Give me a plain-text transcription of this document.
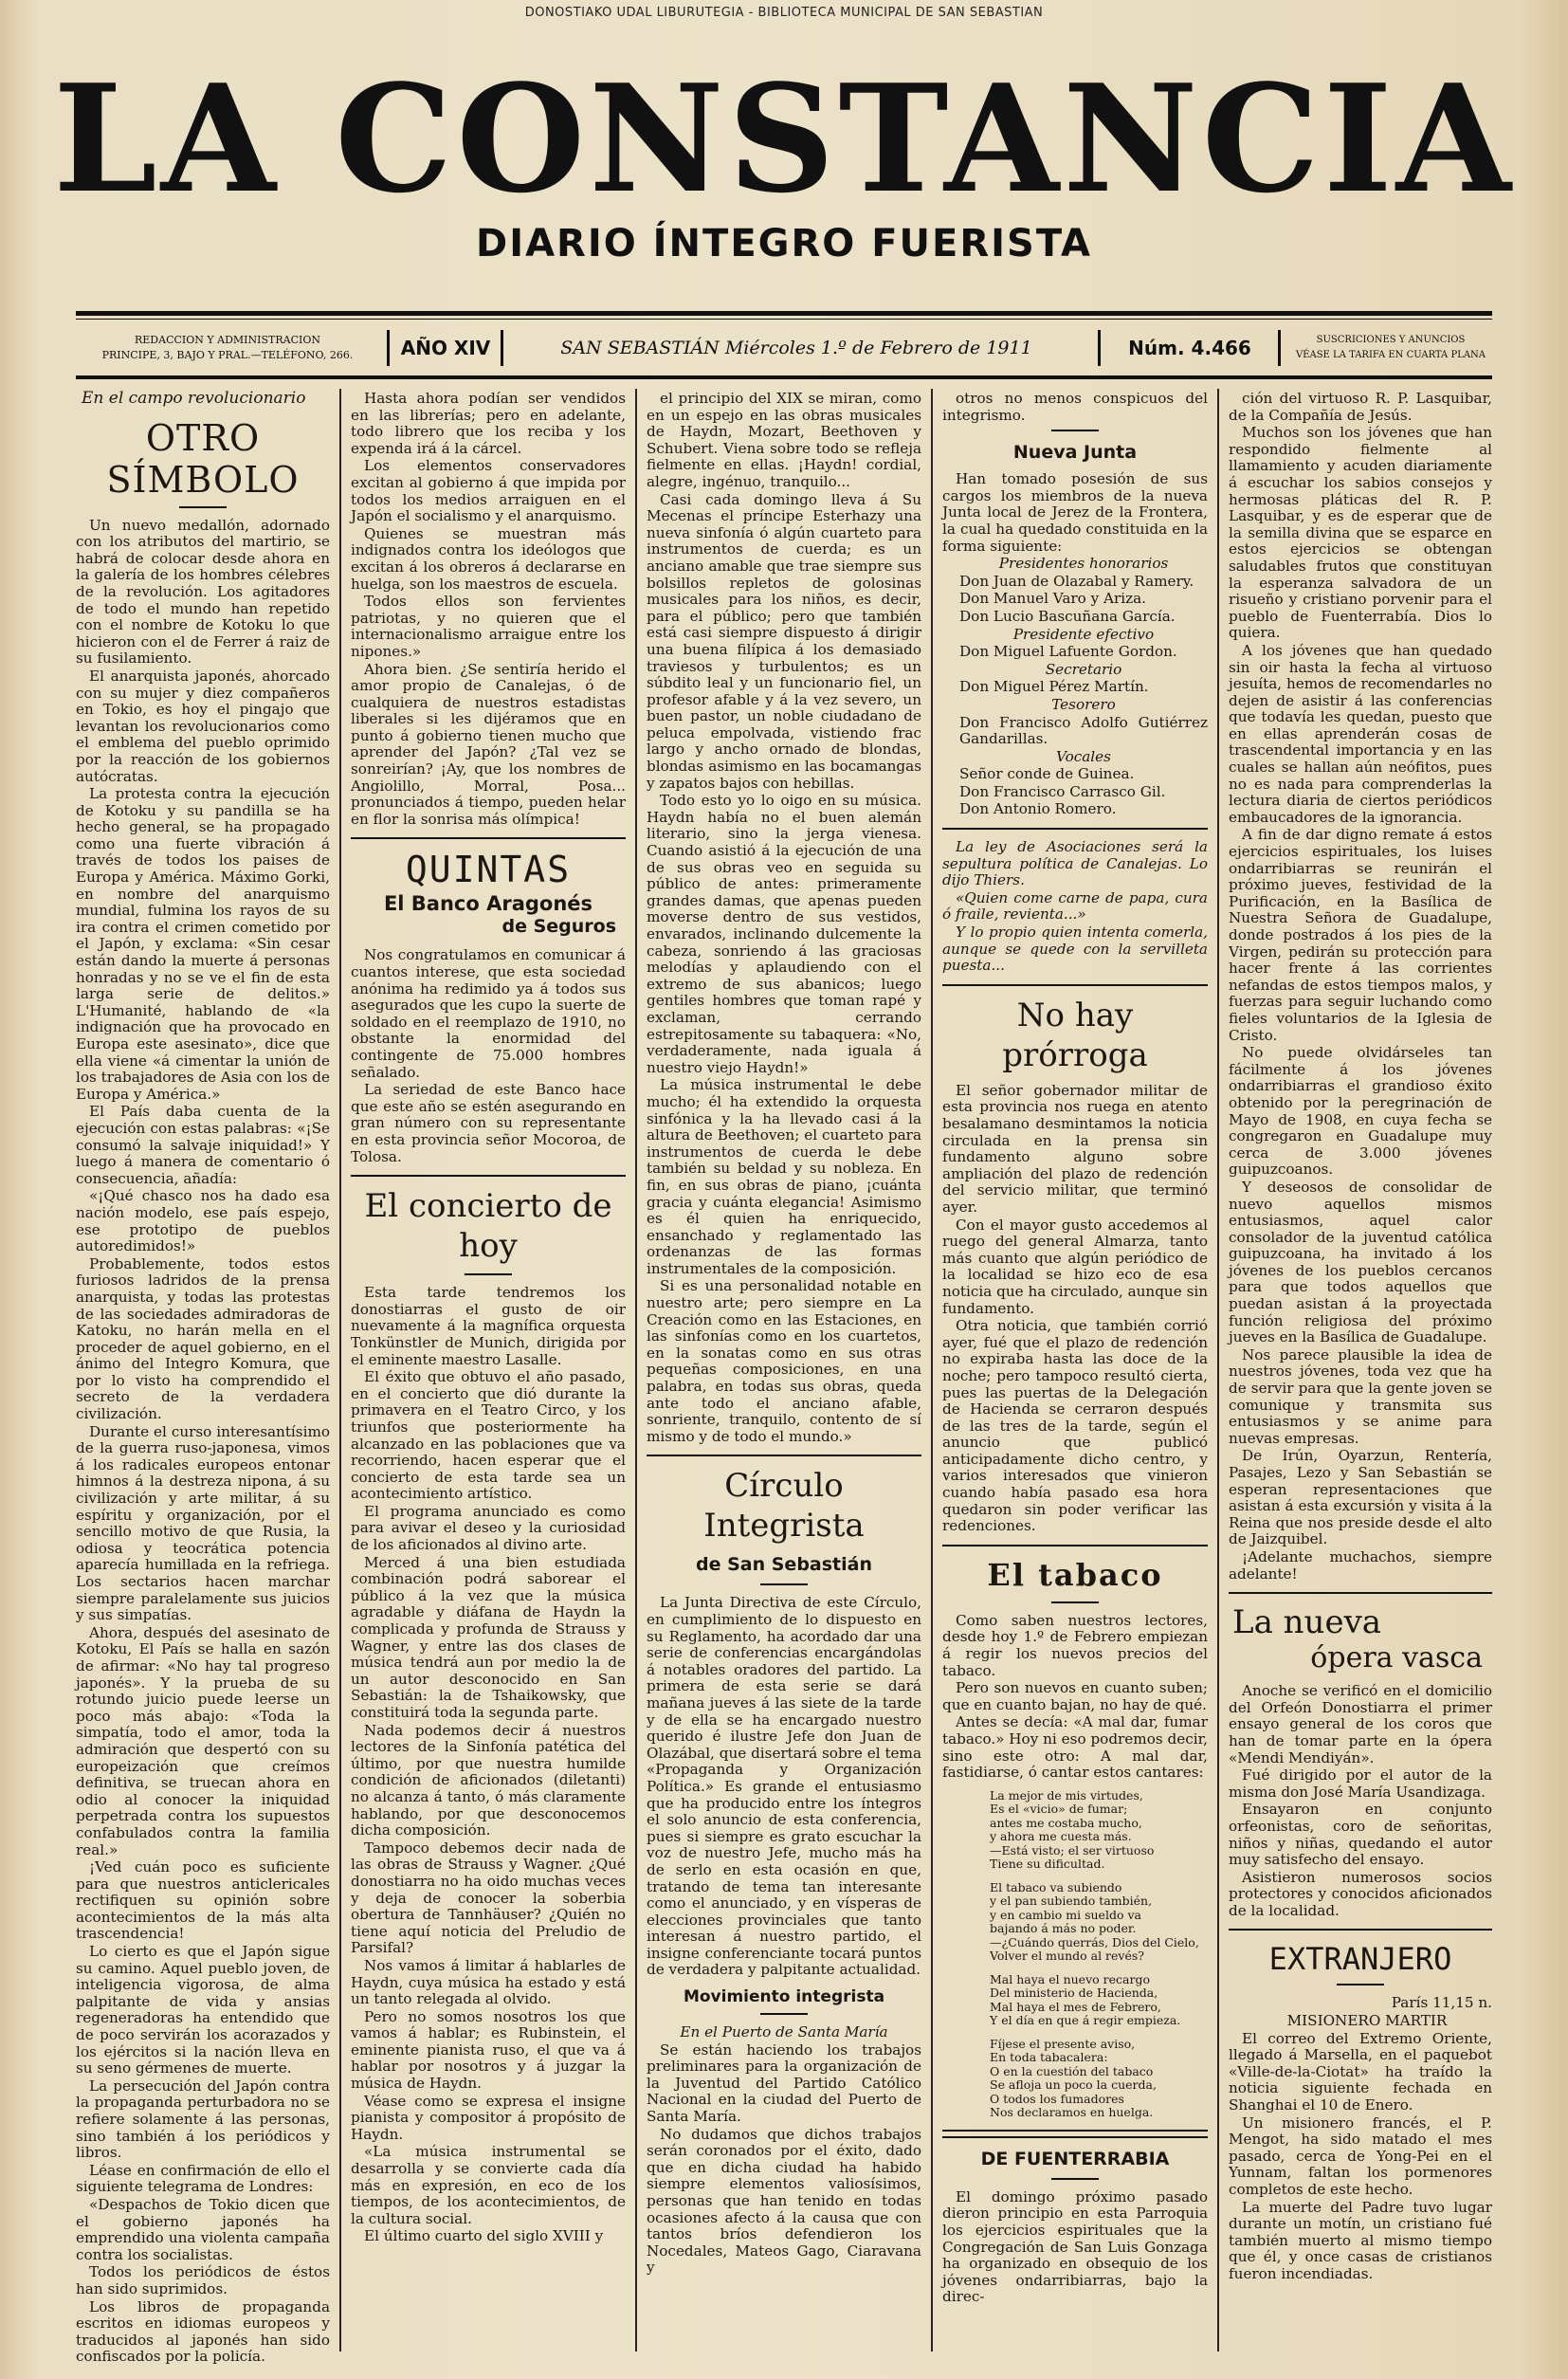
DONOSTIAKO UDAL LIBURUTEGIA - BIBLIOTECA MUNICIPAL DE SAN SEBASTIAN
LA CONSTANCIA
DIARIO ÍNTEGRO FUERISTA
REDACCION Y ADMINISTRACION
PRINCIPE, 3, BAJO Y PRAL.—TELÉFONO, 266.	AÑO XIV	SAN SEBASTIÁN Miércoles 1.º de Febrero de 1911	Núm. 4.466	SUSCRICIONES Y ANUNCIOS
VÉASE LA TARIFA EN CUARTA PLANA
En el campo revolucionario
OTRO SÍMBOLO

Un nuevo medallón, adornado con los atributos del martirio, se habrá de colocar desde ahora en la galería de los hombres célebres de la revolución. Los agitadores de todo el mundo han repetido con el nombre de Kotoku lo que hicieron con el de Ferrer á raiz de su fusilamiento.

El anarquista japonés, ahorcado con su mujer y diez compañeros en Tokio, es hoy el pingajo que levantan los revolucionarios como el emblema del pueblo oprimido por la reacción de los gobiernos autócratas.

La protesta contra la ejecución de Kotoku y su pandilla se ha hecho general, se ha propagado como una fuerte vibración á través de todos los paises de Europa y América. Máximo Gorki, en nombre del anarquismo mundial, fulmina los rayos de su ira contra el crimen cometido por el Japón, y exclama: «Sin cesar están dando la muerte á personas honradas y no se ve el fin de esta larga serie de delitos.» L'Humanité, hablando de «la indignación que ha provocado en Europa este asesinato», dice que ella viene «á cimentar la unión de los trabajadores de Asia con los de Europa y América.»

El País daba cuenta de la ejecución con estas palabras: «¡Se consumó la salvaje iniquidad!» Y luego á manera de comentario ó consecuencia, añadía:

«¡Qué chasco nos ha dado esa nación modelo, ese país espejo, ese prototipo de pueblos autoredimidos!»

Probablemente, todos estos furiosos ladridos de la prensa anarquista, y todas las protestas de las sociedades admiradoras de Katoku, no harán mella en el proceder de aquel gobierno, en el ánimo del Integro Komura, que por lo visto ha comprendido el secreto de la verdadera civilización.

Durante el curso interesantísimo de la guerra ruso-japonesa, vimos á los radicales europeos entonar himnos á la destreza nipona, á su civilización y arte militar, á su espíritu y organización, por el sencillo motivo de que Rusia, la odiosa y teocrática potencia aparecía humillada en la refriega. Los sectarios hacen marchar siempre paralelamente sus juicios y sus simpatías.

Ahora, después del asesinato de Kotoku, El País se halla en sazón de afirmar: «No hay tal progreso japonés». Y la prueba de su rotundo juicio puede leerse un poco más abajo: «Toda la simpatía, todo el amor, toda la admiración que despertó con su europeización que creímos definitiva, se truecan ahora en odio al conocer la iniquidad perpetrada contra los supuestos confabulados contra la familia real.»

¡Ved cuán poco es suficiente para que nuestros anticlericales rectifiquen su opinión sobre acontecimientos de la más alta trascendencia!

Lo cierto es que el Japón sigue su camino. Aquel pueblo joven, de inteligencia vigorosa, de alma palpitante de vida y ansias regeneradoras ha entendido que de poco servirán los acorazados y los ejércitos si la nación lleva en su seno gérmenes de muerte.

La persecución del Japón contra la propaganda perturbadora no se refiere solamente á las personas, sino también á los periódicos y libros.

Léase en confirmación de ello el siguiente telegrama de Londres:

«Despachos de Tokio dicen que el gobierno japonés ha emprendido una violenta campaña contra los socialistas.

Todos los periódicos de éstos han sido suprimidos.

Los libros de propaganda escritos en idiomas europeos y traducidos al japonés han sido confiscados por la policía.

Hasta ahora podían ser vendidos en las librerías; pero en adelante, todo librero que los reciba y los expenda irá á la cárcel.

Los elementos conservadores excitan al gobierno á que impida por todos los medios arraiguen en el Japón el socialismo y el anarquismo.

Quienes se muestran más indignados contra los ideólogos que excitan á los obreros á declararse en huelga, son los maestros de escuela.

Todos ellos son fervientes patriotas, y no quieren que el internacionalismo arraigue entre los nipones.»

Ahora bien. ¿Se sentiría herido el amor propio de Canalejas, ó de cualquiera de nuestros estadistas liberales si les dijéramos que en punto á gobierno tienen mucho que aprender del Japón? ¿Tal vez se sonreirían? ¡Ay, que los nombres de Angiolillo, Morral, Posa... pronunciados á tiempo, pueden helar en flor la sonrisa más olímpica!

QUINTAS
El Banco Aragonés
de Seguros

Nos congratulamos en comunicar á cuantos interese, que esta sociedad anónima ha redimido ya á todos sus asegurados que les cupo la suerte de soldado en el reemplazo de 1910, no obstante la enormidad del contingente de 75.000 hombres señalado.

La seriedad de este Banco hace que este año se estén asegurando en gran número con su representante en esta provincia señor Mocoroa, de Tolosa.

El concierto de hoy

Esta tarde tendremos los donostiarras el gusto de oir nuevamente á la magnífica orquesta Tonkünstler de Munich, dirigida por el eminente maestro Lasalle.

El éxito que obtuvo el año pasado, en el concierto que dió durante la primavera en el Teatro Circo, y los triunfos que posteriormente ha alcanzado en las poblaciones que va recorriendo, hacen esperar que el concierto de esta tarde sea un acontecimiento artístico.

El programa anunciado es como para avivar el deseo y la curiosidad de los aficionados al divino arte.

Merced á una bien estudiada combinación podrá saborear el público á la vez que la música agradable y diáfana de Haydn la complicada y profunda de Strauss y Wagner, y entre las dos clases de música tendrá aun por medio la de un autor desconocido en San Sebastián: la de Tshaikowsky, que constituirá toda la segunda parte.

Nada podemos decir á nuestros lectores de la Sinfonía patética del último, por que nuestra humilde condición de aficionados (diletanti) no alcanza á tanto, ó más claramente hablando, por que desconocemos dicha composición.

Tampoco debemos decir nada de las obras de Strauss y Wagner. ¿Qué donostiarra no ha oido muchas veces y deja de conocer la soberbia obertura de Tannhäuser? ¿Quién no tiene aquí noticia del Preludio de Parsifal?

Nos vamos á limitar á hablarles de Haydn, cuya música ha estado y está un tanto relegada al olvido.

Pero no somos nosotros los que vamos á hablar; es Rubinstein, el eminente pianista ruso, el que va á hablar por nosotros y á juzgar la música de Haydn.

Véase como se expresa el insigne pianista y compositor á propósito de Haydn.

«La música instrumental se desarrolla y se convierte cada día más en expresión, en eco de los tiempos, de los acontecimientos, de la cultura social.

El último cuarto del siglo XVIII y

el principio del XIX se miran, como en un espejo en las obras musicales de Haydn, Mozart, Beethoven y Schubert. Viena sobre todo se refleja fielmente en ellas. ¡Haydn! cordial, alegre, ingénuo, tranquilo...

Casi cada domingo lleva á Su Mecenas el príncipe Esterhazy una nueva sinfonía ó algún cuarteto para instrumentos de cuerda; es un anciano amable que trae siempre sus bolsillos repletos de golosinas musicales para los niños, es decir, para el público; pero que también está casi siempre dispuesto á dirigir una buena filípica á los demasiado traviesos y turbulentos; es un súbdito leal y un funcionario fiel, un profesor afable y á la vez severo, un buen pastor, un noble ciudadano de peluca empolvada, vistiendo frac largo y ancho ornado de blondas, blondas asimismo en las bocamangas y zapatos bajos con hebillas.

Todo esto yo lo oigo en su música. Haydn había no el buen alemán literario, sino la jerga vienesa. Cuando asistió á la ejecución de una de sus obras veo en seguida su público de antes: primeramente grandes damas, que apenas pueden moverse dentro de sus vestidos, envarados, inclinando dulcemente la cabeza, sonriendo á las graciosas melodías y aplaudiendo con el extremo de sus abanicos; luego gentiles hombres que toman rapé y exclaman, cerrando estrepitosamente su tabaquera: «No, verdaderamente, nada iguala á nuestro viejo Haydn!»

La música instrumental le debe mucho; él ha extendido la orquesta sinfónica y la ha llevado casi á la altura de Beethoven; el cuarteto para instrumentos de cuerda le debe también su beldad y su nobleza. En fin, en sus obras de piano, ¡cuánta gracia y cuánta elegancia! Asimismo es él quien ha enriquecido, ensanchado y reglamentado las ordenanzas de las formas instrumentales de la composición.

Si es una personalidad notable en nuestro arte; pero siempre en La Creación como en las Estaciones, en las sinfonías como en los cuartetos, en la sonatas como en sus otras pequeñas composiciones, en una palabra, en todas sus obras, queda ante todo el anciano afable, sonriente, tranquilo, contento de sí mismo y de todo el mundo.»

Círculo Integrista
de San Sebastián

La Junta Directiva de este Círculo, en cumplimiento de lo dispuesto en su Reglamento, ha acordado dar una serie de conferencias encargándolas á notables oradores del partido. La primera de esta serie se dará mañana jueves á las siete de la tarde y de ella se ha encargado nuestro querido é ilustre Jefe don Juan de Olazábal, que disertará sobre el tema «Propaganda y Organización Política.» Es grande el entusiasmo que ha producido entre los íntegros el solo anuncio de esta conferencia, pues si siempre es grato escuchar la voz de nuestro Jefe, mucho más ha de serlo en esta ocasión en que, tratando de tema tan interesante como el anunciado, y en vísperas de elecciones provinciales que tanto interesan á nuestro partido, el insigne conferenciante tocará puntos de verdadera y palpitante actualidad.

Movimiento integrista

En el Puerto de Santa María

Se están haciendo los trabajos preliminares para la organización de la Juventud del Partido Católico Nacional en la ciudad del Puerto de Santa María.

No dudamos que dichos trabajos serán coronados por el éxito, dado que en dicha ciudad ha habido siempre elementos valiosísimos, personas que han tenido en todas ocasiones afecto á la causa que con tantos bríos defendieron los Nocedales, Mateos Gago, Ciaravana y

otros no menos conspicuos del integrismo.

Nueva Junta

Han tomado posesión de sus cargos los miembros de la nueva Junta local de Jerez de la Frontera, la cual ha quedado constituida en la forma siguiente:

Presidentes honorarios

Don Juan de Olazabal y Ramery.

Don Manuel Varo y Ariza.

Don Lucio Bascuñana García.

Presidente efectivo

Don Miguel Lafuente Gordon.

Secretario

Don Miguel Pérez Martín.

Tesorero

Don Francisco Adolfo Gutiérrez Gandarillas.

Vocales

Señor conde de Guinea.

Don Francisco Carrasco Gil.

Don Antonio Romero.

La ley de Asociaciones será la sepultura política de Canalejas. Lo dijo Thiers.

«Quien come carne de papa, cura ó fraile, revienta...»

Y lo propio quien intenta comerla, aunque se quede con la servilleta puesta...

No hay prórroga

El señor gobernador militar de esta provincia nos ruega en atento besalamano desmintamos la noticia circulada en la prensa sin fundamento alguno sobre ampliación del plazo de redención del servicio militar, que terminó ayer.

Con el mayor gusto accedemos al ruego del general Almarza, tanto más cuanto que algún periódico de la localidad se hizo eco de esa noticia que ha circulado, aunque sin fundamento.

Otra noticia, que también corrió ayer, fué que el plazo de redención no expiraba hasta las doce de la noche; pero tampoco resultó cierta, pues las puertas de la Delegación de Hacienda se cerraron después de las tres de la tarde, según el anuncio que publicó anticipadamente dicho centro, y varios interesados que vinieron cuando había pasado esa hora quedaron sin poder verificar las redenciones.

El tabaco

Como saben nuestros lectores, desde hoy 1.º de Febrero empiezan á regir los nuevos precios del tabaco.

Pero son nuevos en cuanto suben; que en cuanto bajan, no hay de qué.

Antes se decía: «A mal dar, fumar tabaco.» Hoy ni eso podremos decir, sino este otro: A mal dar, fastidiarse, ó cantar estos cantares:

La mejor de mis virtudes,
Es el «vicio» de fumar;
antes me costaba mucho,
y ahora me cuesta más.
—Está visto; el ser virtuoso
Tiene su dificultad.
El tabaco va subiendo
y el pan subiendo también,
y en cambio mi sueldo va
bajando á más no poder.
—¿Cuándo querrás, Dios del Cielo,
Volver el mundo al revés?
Mal haya el nuevo recargo
Del ministerio de Hacienda,
Mal haya el mes de Febrero,
Y el día en que á regir empieza.
Fíjese el presente aviso,
En toda tabacalera:
O en la cuestión del tabaco
Se afloja un poco la cuerda,
O todos los fumadores
Nos declaramos en huelga.
DE FUENTERRABIA

El domingo próximo pasado dieron principio en esta Parroquia los ejercicios espirituales que la Congregación de San Luis Gonzaga ha organizado en obsequio de los jóvenes ondarribiarras, bajo la direc-

ción del virtuoso R. P. Lasquibar, de la Compañía de Jesús.

Muchos son los jóvenes que han respondido fielmente al llamamiento y acuden diariamente á escuchar los sabios consejos y hermosas pláticas del R. P. Lasquibar, y es de esperar que de la semilla divina que se esparce en estos ejercicios se obtengan saludables frutos que constituyan la esperanza salvadora de un risueño y cristiano porvenir para el pueblo de Fuenterrabía. Dios lo quiera.

A los jóvenes que han quedado sin oir hasta la fecha al virtuoso jesuíta, hemos de recomendarles no dejen de asistir á las conferencias que todavía les quedan, puesto que en ellas aprenderán cosas de trascendental importancia y en las cuales se hallan aún neófitos, pues no es nada para comprenderlas la lectura diaria de ciertos periódicos embaucadores de la ignorancia.

A fin de dar digno remate á estos ejercicios espirituales, los luises ondarribiarras se reunirán el próximo jueves, festividad de la Purificación, en la Basílica de Nuestra Señora de Guadalupe, donde postrados á los pies de la Virgen, pedirán su protección para hacer frente á las corrientes nefandas de estos tiempos malos, y fuerzas para seguir luchando como fieles voluntarios de la Iglesia de Cristo.

No puede olvidárseles tan fácilmente á los jóvenes ondarribiarras el grandioso éxito obtenido por la peregrinación de Mayo de 1908, en cuya fecha se congregaron en Guadalupe muy cerca de 3.000 jóvenes guipuzcoanos.

Y deseosos de consolidar de nuevo aquellos mismos entusiasmos, aquel calor consolador de la juventud católica guipuzcoana, ha invitado á los jóvenes de los pueblos cercanos para que todos aquellos que puedan asistan á la proyectada función religiosa del próximo jueves en la Basílica de Guadalupe.

Nos parece plausible la idea de nuestros jóvenes, toda vez que ha de servir para que la gente joven se comunique y transmita sus entusiasmos y se anime para nuevas empresas.

De Irún, Oyarzun, Rentería, Pasajes, Lezo y San Sebastián se esperan representaciones que asistan á esta excursión y visita á la Reina que nos preside desde el alto de Jaizquibel.

¡Adelante muchachos, siempre adelante!

La nueva
ópera vasca

Anoche se verificó en el domicilio del Orfeón Donostiarra el primer ensayo general de los coros que han de tomar parte en la ópera «Mendi Mendiyán».

Fué dirigido por el autor de la misma don José María Usandizaga.

Ensayaron en conjunto orfeonistas, coro de señoritas, niños y niñas, quedando el autor muy satisfecho del ensayo.

Asistieron numerosos socios protectores y conocidos aficionados de la localidad.

EXTRANJERO

París 11,15 n.

MISIONERO MARTIR

El correo del Extremo Oriente, llegado á Marsella, en el paquebot «Ville-de-la-Ciotat» ha traído la noticia siguiente fechada en Shanghai el 10 de Enero.

Un misionero francés, el P. Mengot, ha sido matado el mes pasado, cerca de Yong-Pei en el Yunnam, faltan los pormenores completos de este hecho.

La muerte del Padre tuvo lugar durante un motín, un cristiano fué también muerto al mismo tiempo que él, y once casas de cristianos fueron incendiadas.
